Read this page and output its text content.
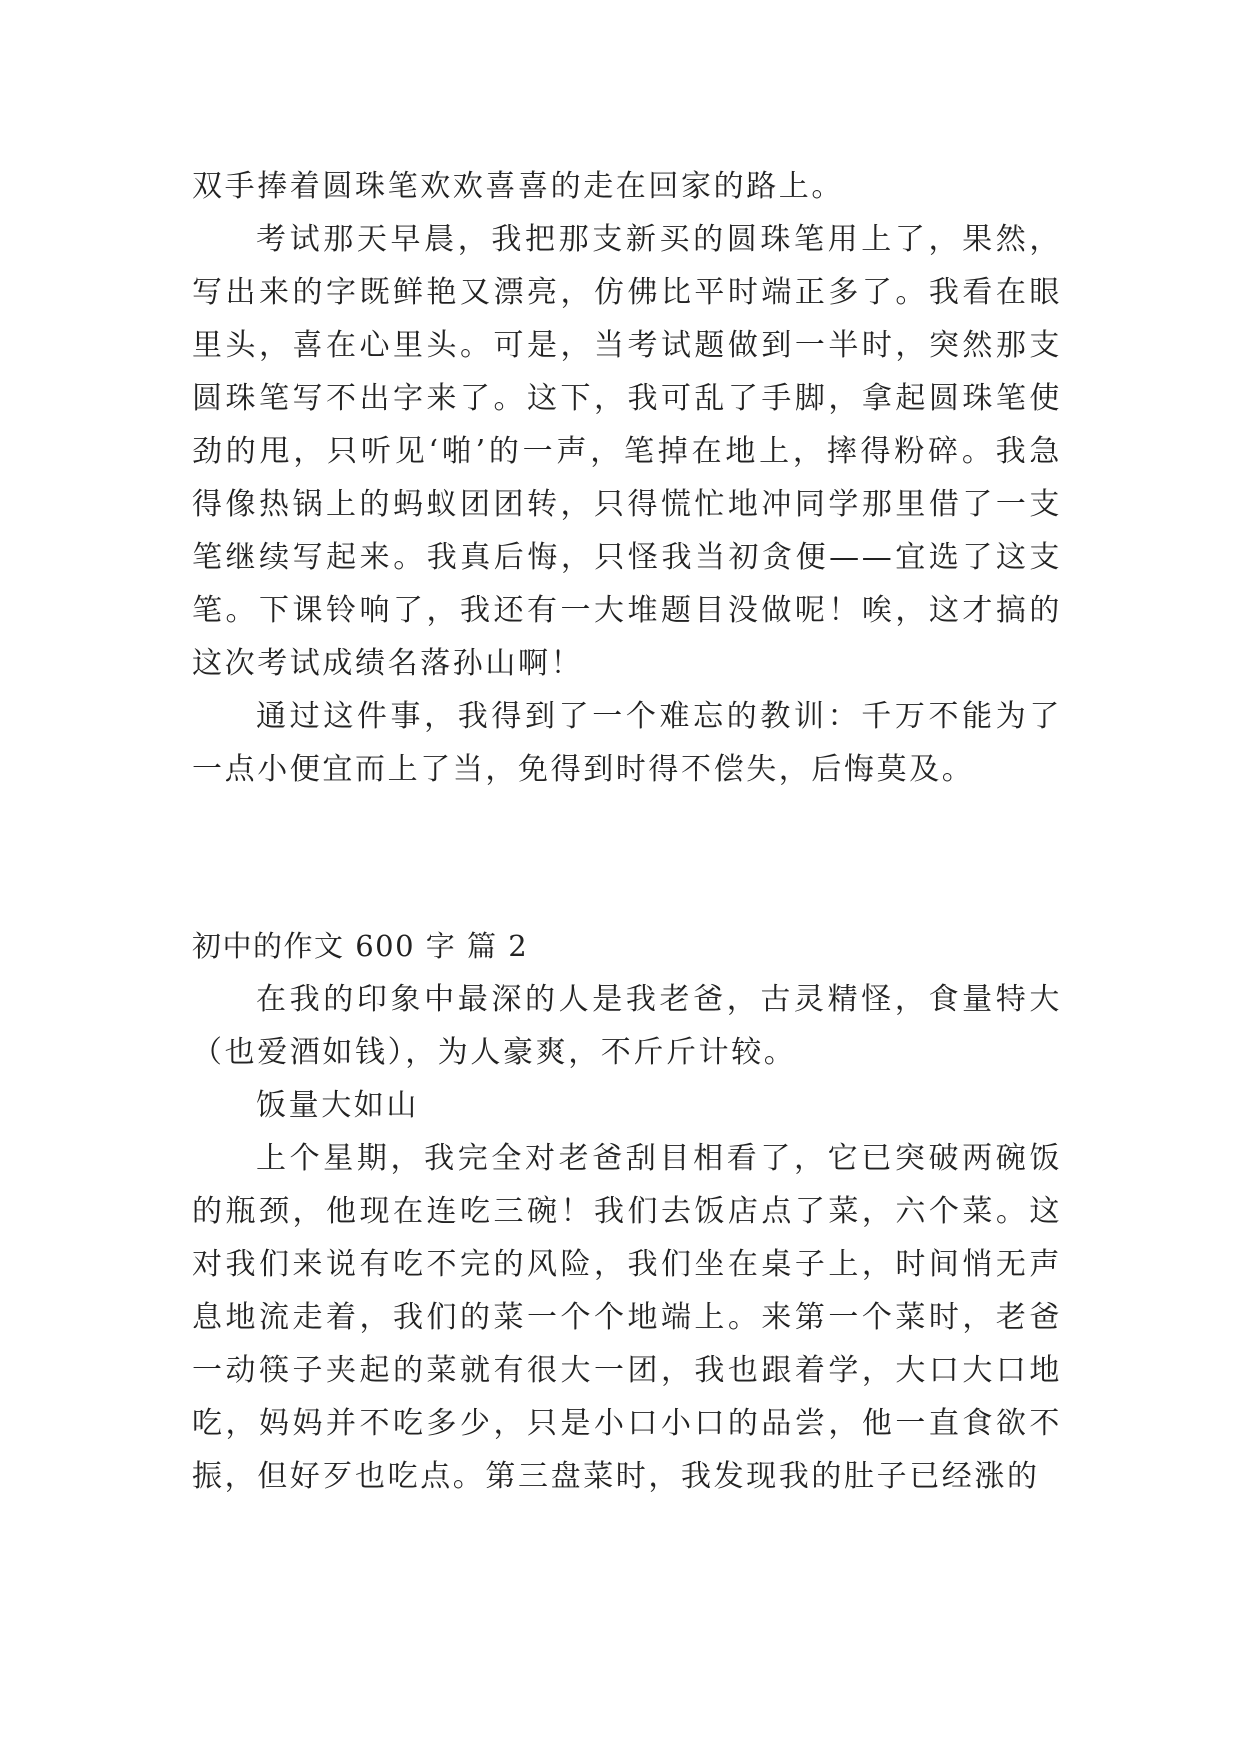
双手捧着圆珠笔欢欢喜喜的走在回家的路上。

考试那天早晨，我把那支新买的圆珠笔用上了，果然，写出来的字既鲜艳又漂亮，仿佛比平时端正多了。我看在眼里头，喜在心里头。可是，当考试题做到一半时，突然那支圆珠笔写不出字来了。这下，我可乱了手脚，拿起圆珠笔使劲的甩，只听见‘啪’的一声，笔掉在地上，摔得粉碎。我急得像热锅上的蚂蚁团团转，只得慌忙地冲同学那里借了一支笔继续写起来。我真后悔，只怪我当初贪便——宜选了这支笔。下课铃响了，我还有一大堆题目没做呢！唉，这才搞的这次考试成绩名落孙山啊！

通过这件事，我得到了一个难忘的教训：千万不能为了一点小便宜而上了当，免得到时得不偿失，后悔莫及。

初中的作文 600 字 篇 2

在我的印象中最深的人是我老爸，古灵精怪，食量特大（也爱酒如钱），为人豪爽，不斤斤计较。

饭量大如山

上个星期，我完全对老爸刮目相看了，它已突破两碗饭的瓶颈，他现在连吃三碗！我们去饭店点了菜，六个菜。这对我们来说有吃不完的风险，我们坐在桌子上，时间悄无声息地流走着，我们的菜一个个地端上。来第一个菜时，老爸一动筷子夹起的菜就有很大一团，我也跟着学，大口大口地吃，妈妈并不吃多少，只是小口小口的品尝，他一直食欲不振，但好歹也吃点。第三盘菜时，我发现我的肚子已经涨的
